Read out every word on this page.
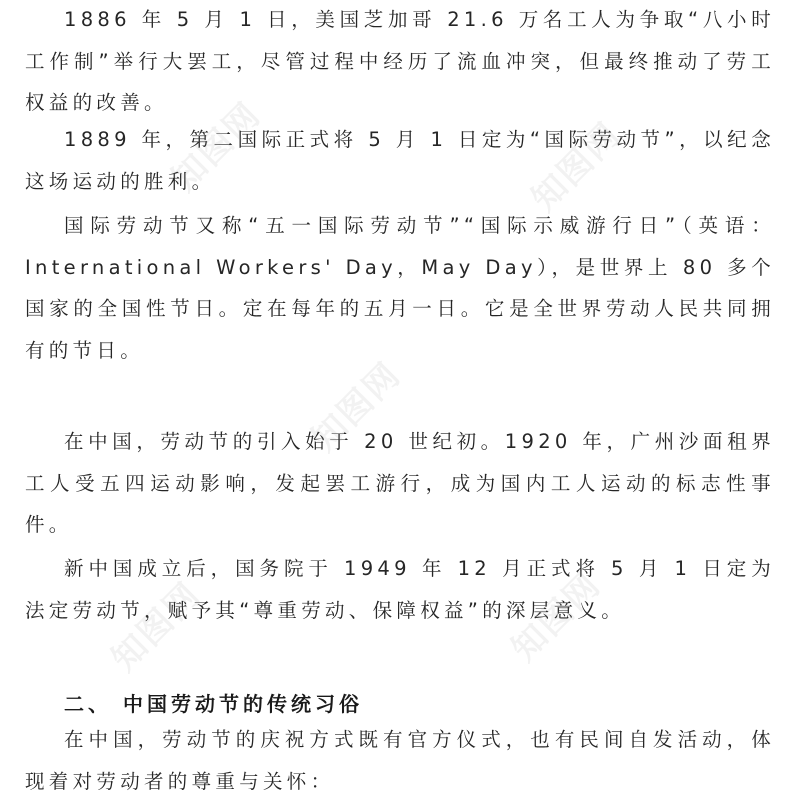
1886 年 5 月 1 日，美国芝加哥 21.6 万名工人为争取“八小时工作制”举行大罢工，尽管过程中经历了流血冲突，但最终推动了劳工权益的改善。

1889 年，第二国际正式将 5 月 1 日定为“国际劳动节”，以纪念这场运动的胜利。

国际劳动节又称“五一国际劳动节”“国际示威游行日”（英语：International Workers' Day，May Day），是世界上 80 多个国家的全国性节日。定在每年的五月一日。它是全世界劳动人民共同拥有的节日。

在中国，劳动节的引入始于 20 世纪初。1920 年，广州沙面租界工人受五四运动影响，发起罢工游行，成为国内工人运动的标志性事件。

新中国成立后，国务院于 1949 年 12 月正式将 5 月 1 日定为法定劳动节，赋予其“尊重劳动、保障权益”的深层意义。

二、 中国劳动节的传统习俗

在中国，劳动节的庆祝方式既有官方仪式，也有民间自发活动，体现着对劳动者的尊重与关怀：

知图网	知图网
知图网
知图网	知图网
